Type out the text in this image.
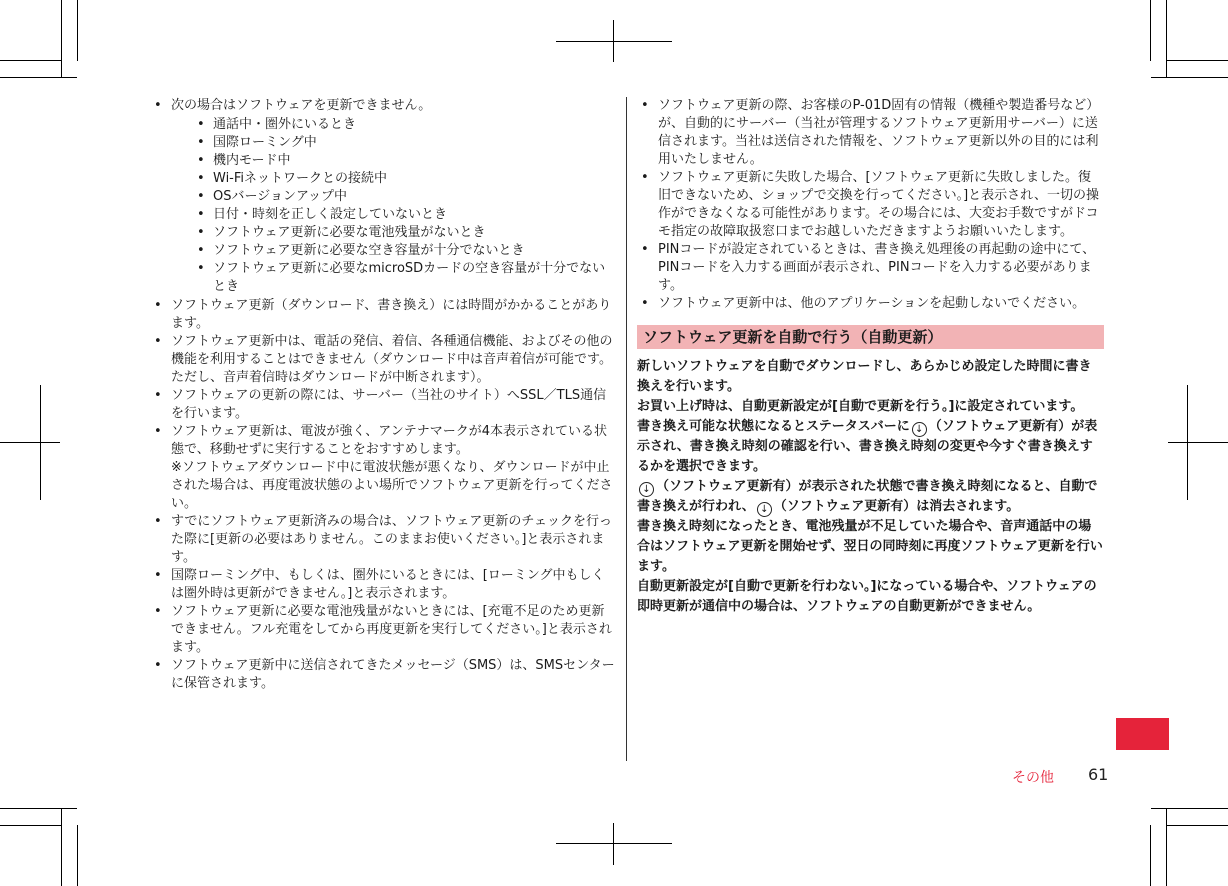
• 次の場合はソフトウェアを更新できません。
• 通話中・圏外にいるとき
• 国際ローミング中
• 機内モード中
• Wi-Fiネットワークとの接続中
• OSバージョンアップ中
• 日付・時刻を正しく設定していないとき
• ソフトウェア更新に必要な電池残量がないとき
• ソフトウェア更新に必要な空き容量が十分でないとき
• ソフトウェア更新に必要なmicroSDカードの空き容量が十分でないとき
• ソフトウェア更新（ダウンロード、書き換え）には時間がかかることがあります。
• ソフトウェア更新中は、電話の発信、着信、各種通信機能、およびその他の機能を利用することはできません（ダウンロード中は音声着信が可能です。ただし、音声着信時はダウンロードが中断されます）。
• ソフトウェアの更新の際には、サーバー（当社のサイト）へSSL／TLS通信を行います。
• ソフトウェア更新は、電波が強く、アンテナマークが4本表示されている状態で、移動せずに実行することをおすすめします。
※ソフトウェアダウンロード中に電波状態が悪くなり、ダウンロードが中止された場合は、再度電波状態のよい場所でソフトウェア更新を行ってください。
• すでにソフトウェア更新済みの場合は、ソフトウェア更新のチェックを行った際に[更新の必要はありません。このままお使いください。]と表示されます。
• 国際ローミング中、もしくは、圏外にいるときには、[ローミング中もしくは圏外時は更新ができません。]と表示されます。
• ソフトウェア更新に必要な電池残量がないときには、[充電不足のため更新できません。フル充電をしてから再度更新を実行してください。]と表示されます。
• ソフトウェア更新中に送信されてきたメッセージ（SMS）は、SMSセンターに保管されます。
• ソフトウェア更新の際、お客様のP-01D固有の情報（機種や製造番号など）が、自動的にサーバー（当社が管理するソフトウェア更新用サーバー）に送信されます。当社は送信された情報を、ソフトウェア更新以外の目的には利用いたしません。
• ソフトウェア更新に失敗した場合、[ソフトウェア更新に失敗しました。復旧できないため、ショップで交換を行ってください。]と表示され、一切の操作ができなくなる可能性があります。その場合には、大変お手数ですがドコモ指定の故障取扱窓口までお越しいただきますようお願いいたします。
• PINコードが設定されているときは、書き換え処理後の再起動の途中にて、PINコードを入力する画面が表示され、PINコードを入力する必要があります。
• ソフトウェア更新中は、他のアプリケーションを起動しないでください。
ソフトウェア更新を自動で行う（自動更新）

新しいソフトウェアを自動でダウンロードし、あらかじめ設定した時間に書き換えを行います。

お買い上げ時は、自動更新設定が[自動で更新を行う。]に設定されています。

書き換え可能な状態になるとステータスバーに ↓ （ソフトウェア更新有）が表示され、書き換え時刻の確認を行い、書き換え時刻の変更や今すぐ書き換えするかを選択できます。

↓ （ソフトウェア更新有）が表示された状態で書き換え時刻になると、自動で書き換えが行われ、 ↓ （ソフトウェア更新有）は消去されます。

書き換え時刻になったとき、電池残量が不足していた場合や、音声通話中の場合はソフトウェア更新を開始せず、翌日の同時刻に再度ソフトウェア更新を行います。

自動更新設定が[自動で更新を行わない。]になっている場合や、ソフトウェアの即時更新が通信中の場合は、ソフトウェアの自動更新ができません。

その他 61
